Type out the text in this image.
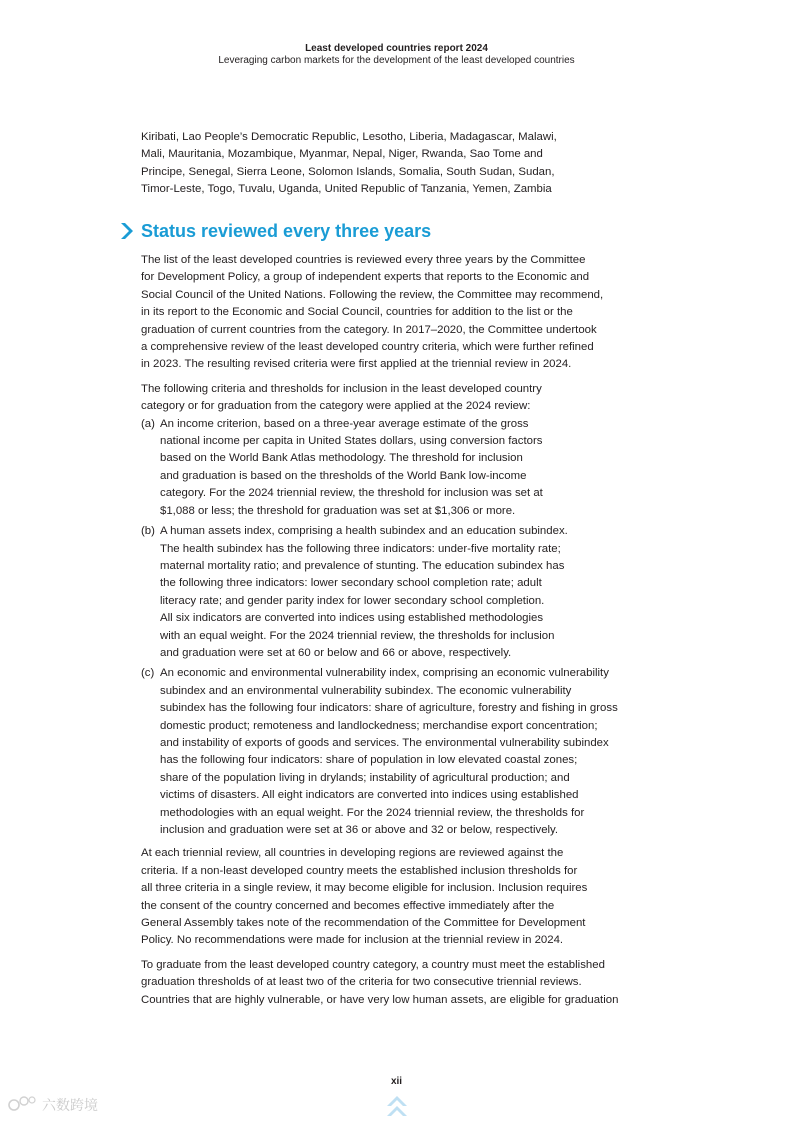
Least developed countries report 2024
Leveraging carbon markets for the development of the least developed countries

Kiribati, Lao People’s Democratic Republic, Lesotho, Liberia, Madagascar, Malawi,
Mali, Mauritania, Mozambique, Myanmar, Nepal, Niger, Rwanda, Sao Tome and
Principe, Senegal, Sierra Leone, Solomon Islands, Somalia, South Sudan, Sudan,
Timor-Leste, Togo, Tuvalu, Uganda, United Republic of Tanzania, Yemen, Zambia

Status reviewed every three years

The list of the least developed countries is reviewed every three years by the Committee
for Development Policy, a group of independent experts that reports to the Economic and
Social Council of the United Nations. Following the review, the Committee may recommend,
in its report to the Economic and Social Council, countries for addition to the list or the
graduation of current countries from the category. In 2017–2020, the Committee undertook
a comprehensive review of the least developed country criteria, which were further refined
in 2023. The resulting revised criteria were first applied at the triennial review in 2024.

The following criteria and thresholds for inclusion in the least developed country
category or for graduation from the category were applied at the 2024 review:

(a) An income criterion, based on a three-year average estimate of the gross
national income per capita in United States dollars, using conversion factors
based on the World Bank Atlas methodology. The threshold for inclusion
and graduation is based on the thresholds of the World Bank low-income
category. For the 2024 triennial review, the threshold for inclusion was set at
$1,088 or less; the threshold for graduation was set at $1,306 or more.
(b) A human assets index, comprising a health subindex and an education subindex.
The health subindex has the following three indicators: under-five mortality rate;
maternal mortality ratio; and prevalence of stunting. The education subindex has
the following three indicators: lower secondary school completion rate; adult
literacy rate; and gender parity index for lower secondary school completion.
All six indicators are converted into indices using established methodologies
with an equal weight. For the 2024 triennial review, the thresholds for inclusion
and graduation were set at 60 or below and 66 or above, respectively.
(c) An economic and environmental vulnerability index, comprising an economic vulnerability
subindex and an environmental vulnerability subindex. The economic vulnerability
subindex has the following four indicators: share of agriculture, forestry and fishing in gross
domestic product; remoteness and landlockedness; merchandise export concentration;
and instability of exports of goods and services. The environmental vulnerability subindex
has the following four indicators: share of population in low elevated coastal zones;
share of the population living in drylands; instability of agricultural production; and
victims of disasters. All eight indicators are converted into indices using established
methodologies with an equal weight. For the 2024 triennial review, the thresholds for
inclusion and graduation were set at 36 or above and 32 or below, respectively.

At each triennial review, all countries in developing regions are reviewed against the
criteria. If a non-least developed country meets the established inclusion thresholds for
all three criteria in a single review, it may become eligible for inclusion. Inclusion requires
the consent of the country concerned and becomes effective immediately after the
General Assembly takes note of the recommendation of the Committee for Development
Policy. No recommendations were made for inclusion at the triennial review in 2024.

To graduate from the least developed country category, a country must meet the established
graduation thresholds of at least two of the criteria for two consecutive triennial reviews.
Countries that are highly vulnerable, or have very low human assets, are eligible for graduation

xii
六数跨境
